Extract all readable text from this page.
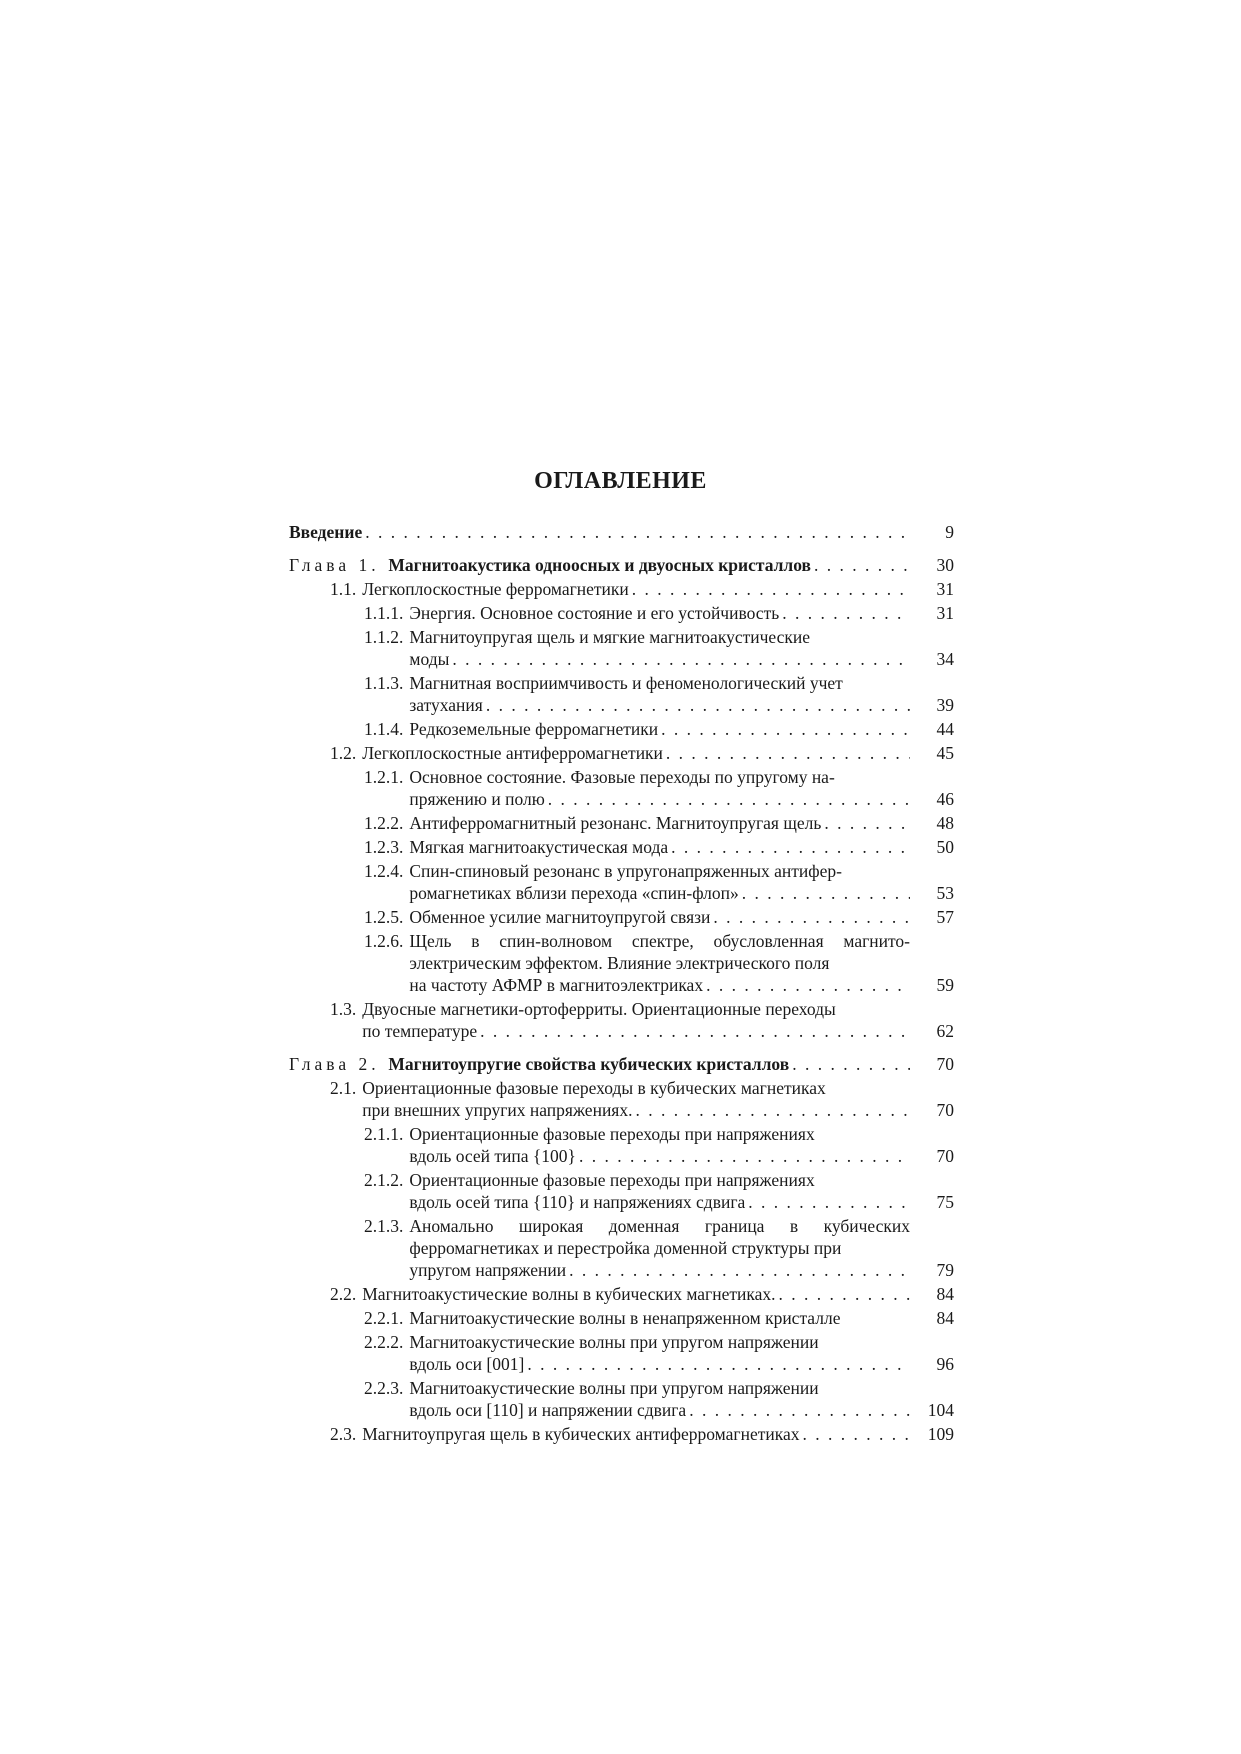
ОГЛАВЛЕНИЕ
Введение . . .	9
Глава 1. Магнитоакустика одноосных и двуосных кристаллов . . .	30
1.1. Легкоплоскостные ферромагнетики . . .	31
1.1.1. Энергия. Основное состояние и его устойчивость . . .	31
1.1.2. Магнитоупругая щель и мягкие магнитоакустические
моды . . .	34
1.1.3. Магнитная восприимчивость и феноменологический учет
затухания . . .	39
1.1.4. Редкоземельные ферромагнетики . . .	44
1.2. Легкоплоскостные антиферромагнетики . . .	45
1.2.1. Основное состояние. Фазовые переходы по упругому на-
пряжению и полю . . .	46
1.2.2. Антиферромагнитный резонанс. Магнитоупругая щель . . .	48
1.2.3. Мягкая магнитоакустическая мода . . .	50
1.2.4. Спин-спиновый резонанс в упругонапряженных антифер-
ромагнетиках вблизи перехода «спин-флоп» . . .	53
1.2.5. Обменное усилие магнитоупругой связи . . .	57
1.2.6. Щель в спин-волновом спектре, обусловленная магнито-электрическим эффектом. Влияние электрического поля
на частоту АФМР в магнитоэлектриках . . .	59
1.3. Двуосные магнетики-ортоферриты. Ориентационные переходы
по температуре . . .	62
Глава 2. Магнитоупругие свойства кубических кристаллов . . .	70
2.1. Ориентационные фазовые переходы в кубических магнетиках
при внешних упругих напряжениях. . . .	70
2.1.1. Ориентационные фазовые переходы при напряжениях
вдоль осей типа {100} . . .	70
2.1.2. Ориентационные фазовые переходы при напряжениях
вдоль осей типа {110} и напряжениях сдвига . . .	75
2.1.3. Аномально широкая доменная граница в кубических ферромагнетиках и перестройка доменной структуры при
упругом напряжении . . .	79
2.2. Магнитоакустические волны в кубических магнетиках. . . .	84
2.2.1. Магнитоакустические волны в ненапряженном кристалле	84
2.2.2. Магнитоакустические волны при упругом напряжении
вдоль оси [001] . . .	96
2.2.3. Магнитоакустические волны при упругом напряжении
вдоль оси [110] и напряжении сдвига . . .	104
2.3. Магнитоупругая щель в кубических антиферромагнетиках . . .	109
